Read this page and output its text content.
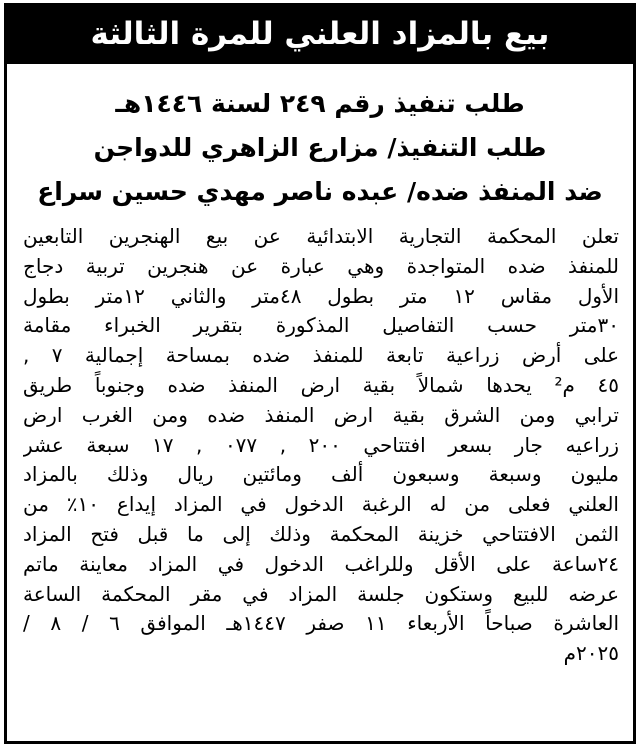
بيع بالمزاد العلني للمرة الثالثة
طلب تنفيذ رقم ٢٤٩ لسنة ١٤٤٦هـ
طلب التنفيذ/ مزارع الزاهري للدواجن
ضد المنفذ ضده/ عبده ناصر مهدي حسين سراع
تعلن المحكمة التجارية الابتدائية عن بيع الهنجرين التابعين
للمنفذ ضده المتواجدة وهي عبارة عن هنجرين تربية دجاج
الأول مقاس ١٢ متر بطول ٤٨متر والثاني ١٢متر بطول
٣٠متر حسب التفاصيل المذكورة بتقرير الخبراء مقامة
على أرض زراعية تابعة للمنفذ ضده بمساحة إجمالية ٧ ,
٤٥ م² يحدها شمالاً بقية ارض المنفذ ضده وجنوباً طريق
ترابي ومن الشرق بقية ارض المنفذ ضده ومن الغرب ارض
زراعيه جار بسعر افتتاحي ٢٠٠ , ٠٧٧ , ١٧ سبعة عشر
مليون وسبعة وسبعون ألف ومائتين ريال وذلك بالمزاد
العلني فعلى من له الرغبة الدخول في المزاد إيداع ١٠٪ من
الثمن الافتتاحي خزينة المحكمة وذلك إلى ما قبل فتح المزاد
٢٤ساعة على الأقل وللراغب الدخول في المزاد معاينة ماتم
عرضه للبيع وستكون جلسة المزاد في مقر المحكمة الساعة
العاشرة صباحاً الأربعاء ١١ صفر ١٤٤٧هـ الموافق ٦ / ٨ /
٢٠٢٥م
